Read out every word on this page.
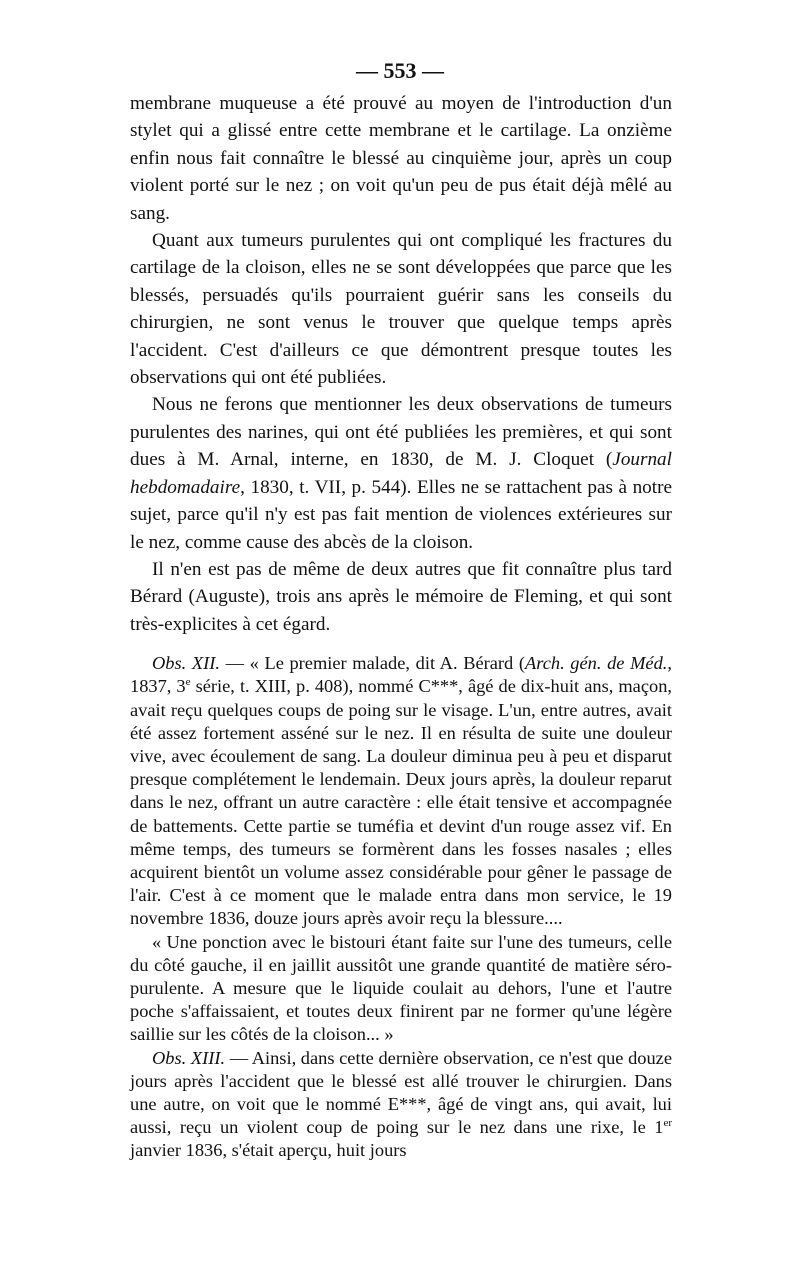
— 553 —

membrane muqueuse a été prouvé au moyen de l'introduction d'un stylet qui a glissé entre cette membrane et le cartilage. La onzième enfin nous fait connaître le blessé au cinquième jour, après un coup violent porté sur le nez ; on voit qu'un peu de pus était déjà mêlé au sang.

Quant aux tumeurs purulentes qui ont compliqué les fractures du cartilage de la cloison, elles ne se sont développées que parce que les blessés, persuadés qu'ils pourraient guérir sans les conseils du chirurgien, ne sont venus le trouver que quelque temps après l'accident. C'est d'ailleurs ce que démontrent presque toutes les observations qui ont été publiées.

Nous ne ferons que mentionner les deux observations de tumeurs purulentes des narines, qui ont été publiées les premières, et qui sont dues à M. Arnal, interne, en 1830, de M. J. Cloquet (Journal hebdomadaire, 1830, t. VII, p. 544). Elles ne se rattachent pas à notre sujet, parce qu'il n'y est pas fait mention de violences extérieures sur le nez, comme cause des abcès de la cloison.

Il n'en est pas de même de deux autres que fit connaître plus tard Bérard (Auguste), trois ans après le mémoire de Fleming, et qui sont très-explicites à cet égard.

Obs. XII. — « Le premier malade, dit A. Bérard (Arch. gén. de Méd., 1837, 3e série, t. XIII, p. 408), nommé C***, âgé de dix-huit ans, maçon, avait reçu quelques coups de poing sur le visage. L'un, entre autres, avait été assez fortement asséné sur le nez. Il en résulta de suite une douleur vive, avec écoulement de sang. La douleur diminua peu à peu et disparut presque complétement le lendemain. Deux jours après, la douleur reparut dans le nez, offrant un autre caractère : elle était tensive et accompagnée de battements. Cette partie se tuméfia et devint d'un rouge assez vif. En même temps, des tumeurs se formèrent dans les fosses nasales ; elles acquirent bientôt un volume assez considérable pour gêner le passage de l'air. C'est à ce moment que le malade entra dans mon service, le 19 novembre 1836, douze jours après avoir reçu la blessure....

« Une ponction avec le bistouri étant faite sur l'une des tumeurs, celle du côté gauche, il en jaillit aussitôt une grande quantité de matière séro-purulente. A mesure que le liquide coulait au dehors, l'une et l'autre poche s'affaissaient, et toutes deux finirent par ne former qu'une légère saillie sur les côtés de la cloison... »

Obs. XIII. — Ainsi, dans cette dernière observation, ce n'est que douze jours après l'accident que le blessé est allé trouver le chirurgien. Dans une autre, on voit que le nommé E***, âgé de vingt ans, qui avait, lui aussi, reçu un violent coup de poing sur le nez dans une rixe, le 1er janvier 1836, s'était aperçu, huit jours
